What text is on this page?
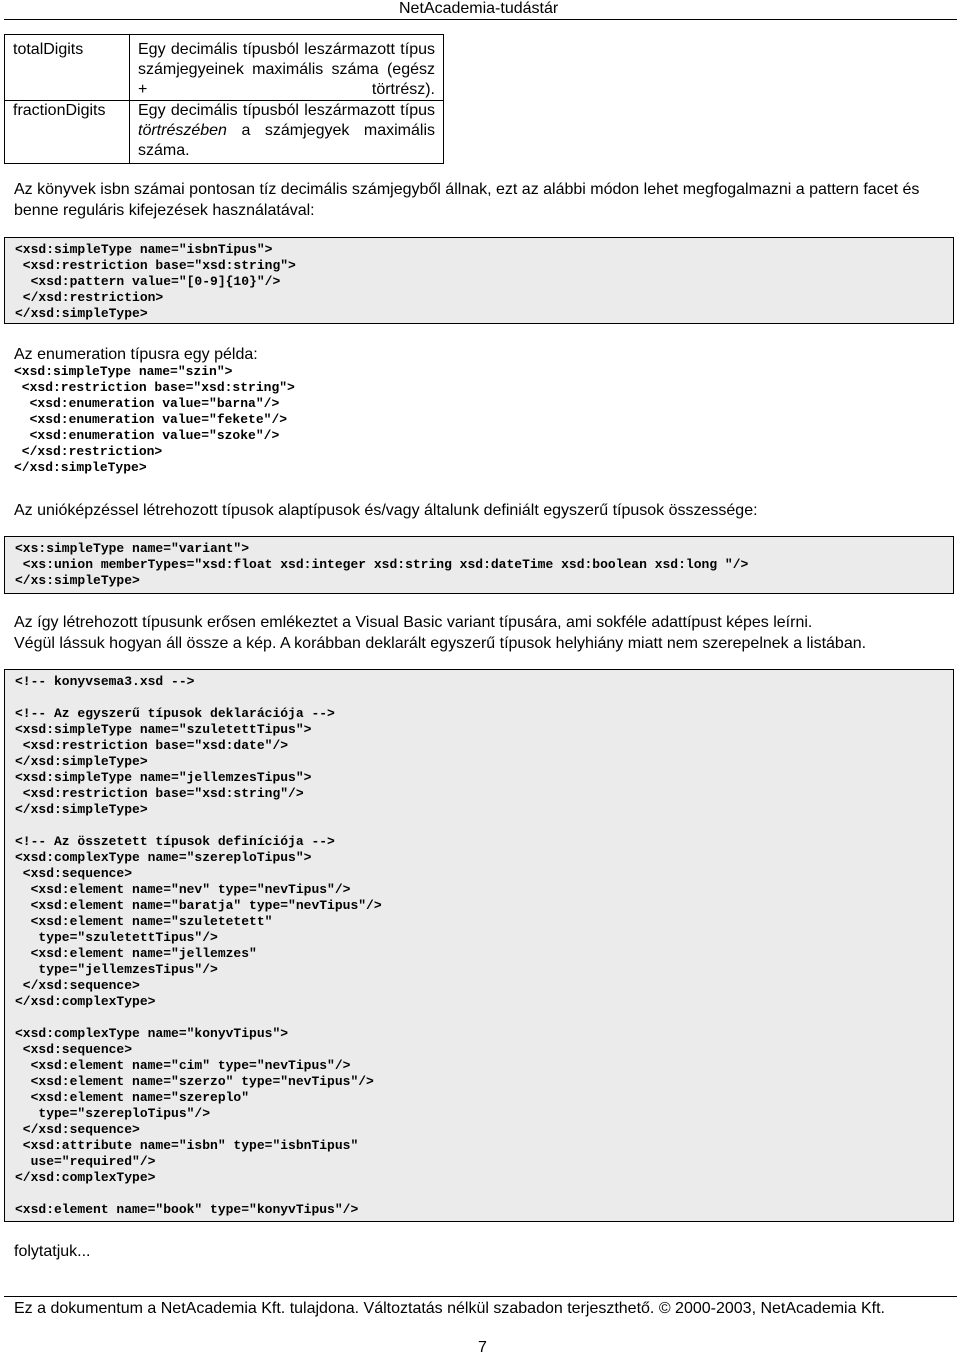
NetAcademia-tudástár
totalDigits	Egy decimális típusból leszármazott típus számjegyeinek maximális száma (egész + törtrész).
fractionDigits	Egy decimális típusból leszármazott típus törtrészében a számjegyek maximális száma.
Az könyvek isbn számai pontosan tíz decimális számjegyből állnak, ezt az alábbi módon lehet megfogalmazni a pattern facet és benne reguláris kifejezések használatával:
<xsd:simpleType name="isbnTipus">
<xsd:restriction base="xsd:string">
<xsd:pattern value="[0-9]{10}"/>
</xsd:restriction>
</xsd:simpleType>
Az enumeration típusra egy példa:
<xsd:simpleType name="szin">
<xsd:restriction base="xsd:string">
<xsd:enumeration value="barna"/>
<xsd:enumeration value="fekete"/>
<xsd:enumeration value="szoke"/>
</xsd:restriction>
</xsd:simpleType>
Az unióképzéssel létrehozott típusok alaptípusok és/vagy általunk definiált egyszerű típusok összessége:
<xs:simpleType name="variant">
<xs:union memberTypes="xsd:float xsd:integer xsd:string xsd:dateTime xsd:boolean xsd:long "/>
</xs:simpleType>
Az így létrehozott típusunk erősen emlékeztet a Visual Basic variant típusára, ami sokféle adattípust képes leírni.
Végül lássuk hogyan áll össze a kép. A korábban deklarált egyszerű típusok helyhiány miatt nem szerepelnek a listában.
<!-- konyvsema3.xsd -->

<!-- Az egyszerű típusok deklarációja -->
<xsd:simpleType name="szuletettTipus">
<xsd:restriction base="xsd:date"/>
</xsd:simpleType>
<xsd:simpleType name="jellemzesTipus">
<xsd:restriction base="xsd:string"/>
</xsd:simpleType>

<!-- Az összetett típusok definíciója -->
<xsd:complexType name="szereploTipus">
<xsd:sequence>
<xsd:element name="nev" type="nevTipus"/>
<xsd:element name="baratja" type="nevTipus"/>
<xsd:element name="szuletetett"
type="szuletettTipus"/>
<xsd:element name="jellemzes"
type="jellemzesTipus"/>
</xsd:sequence>
</xsd:complexType>

<xsd:complexType name="konyvTipus">
<xsd:sequence>
<xsd:element name="cim" type="nevTipus"/>
<xsd:element name="szerzo" type="nevTipus"/>
<xsd:element name="szereplo"
type="szereploTipus"/>
</xsd:sequence>
<xsd:attribute name="isbn" type="isbnTipus"
use="required"/>
</xsd:complexType>

<xsd:element name="book" type="konyvTipus"/>
folytatjuk...
Ez a dokumentum a NetAcademia Kft. tulajdona. Változtatás nélkül szabadon terjeszthető. © 2000-2003, NetAcademia Kft.
7
